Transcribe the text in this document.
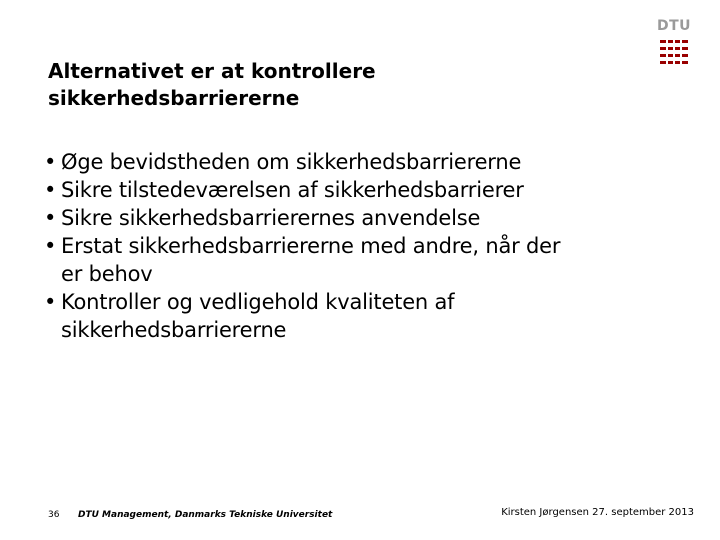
DTU
Alternativet er at kontrollere
sikkerhedsbarriererne
• Øge bevidstheden om sikkerhedsbarriererne
• Sikre tilstedeværelsen af sikkerhedsbarrierer
• Sikre sikkerhedsbarrierernes anvendelse
• Erstat sikkerhedsbarriererne med andre, når der
er behov
• Kontroller og vedligehold kvaliteten af
sikkerhedsbarriererne
36 DTU Management, Danmarks Tekniske Universitet	Kirsten Jørgensen 27. september 2013
